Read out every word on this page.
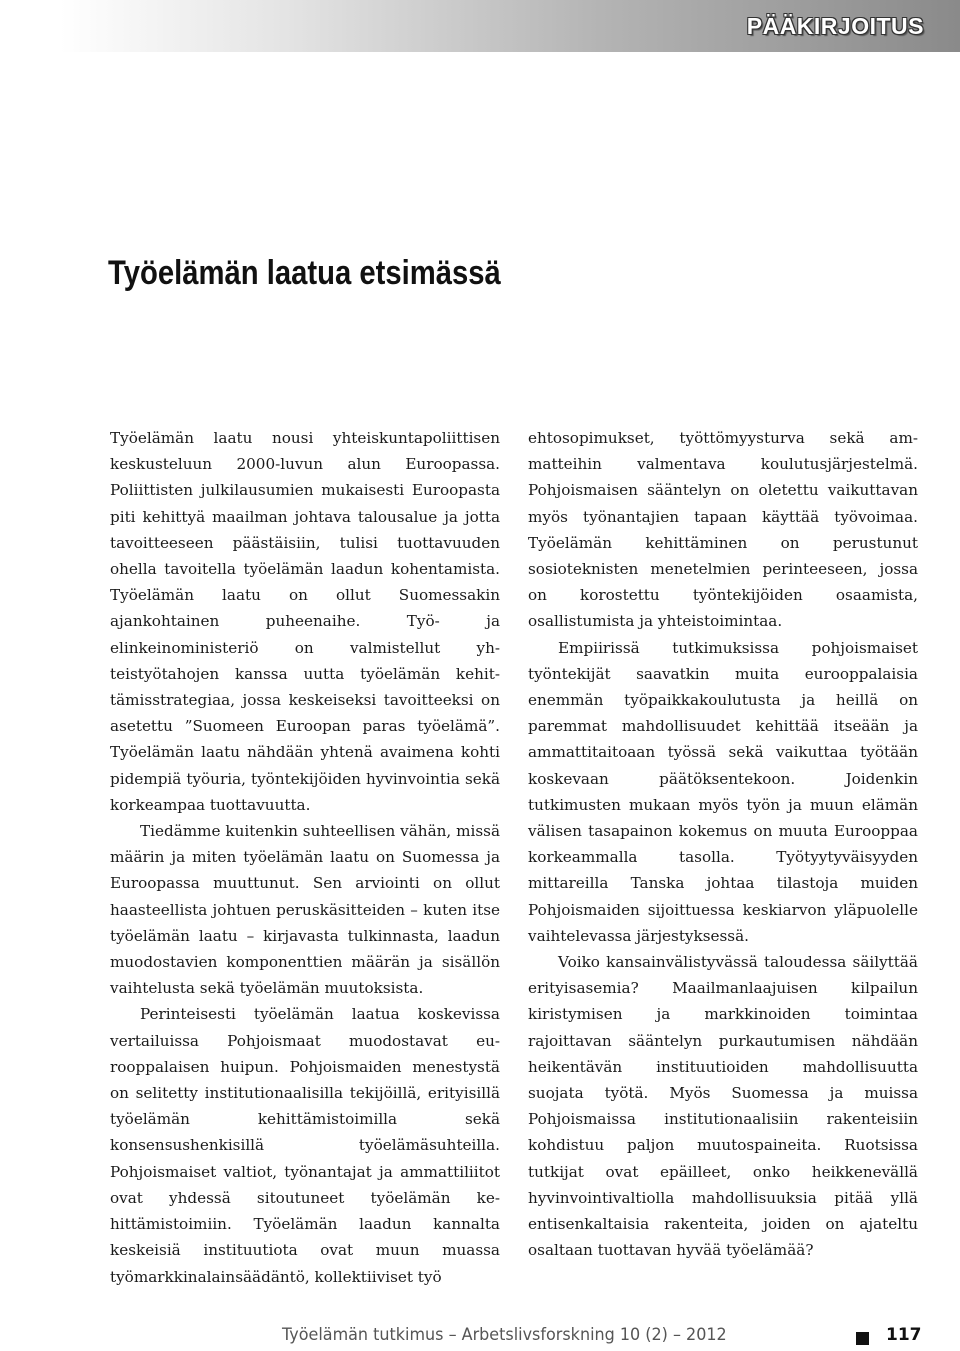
PÄÄKIRJOITUS
Työelämän laatua etsimässä

Työelämän laatu nousi yhteiskuntapoliittisen keskusteluun 2000-luvun alun Euroopassa. Poliittisten julkilausumien mukaisesti Euroopasta piti kehittyä maailman johtava talousalue ja jotta tavoitteeseen päästäisiin, tulisi tuottavuuden ohella tavoitella työelämän laadun kohentamista. Työelämän laatu on ollut Suomessakin ajankohtainen puheenaihe. Työ- ja elinkeinoministeriö on valmistellut yhteistyötahojen kanssa uutta työelämän kehittämisstrategiaa, jossa keskeiseksi tavoitteeksi on asetettu ”Suomeen Euroopan paras työelämä”. Työelämän laatu nähdään yhtenä avaimena kohti pidempiä työuria, työntekijöiden hyvinvointia sekä korkeampaa tuottavuutta.

Tiedämme kuitenkin suhteellisen vähän, missä määrin ja miten työelämän laatu on Suomessa ja Euroopassa muuttunut. Sen arviointi on ollut haasteellista johtuen peruskäsitteiden – kuten itse työelämän laatu – kirjavasta tulkinnasta, laadun muodostavien komponenttien määrän ja sisällön vaihtelusta sekä työelämän muutoksista.

Perinteisesti työelämän laatua koskevissa vertailuissa Pohjoismaat muodostavat eurooppalaisen huipun. Pohjoismaiden menestystä on selitetty institutionaalisilla tekijöillä, erityisillä työelämän kehittämistoimilla sekä konsensushenkisillä työelämäsuhteilla. Pohjoismaiset valtiot, työnantajat ja ammattiliitot ovat yhdessä sitoutuneet työelämän kehittämistoimiin. Työelämän laadun kannalta keskeisiä instituutiota ovat muun muassa työmarkkinalainsäädäntö, kollektiiviset työ

ehtosopimukset, työttömyysturva sekä ammatteihin valmentava koulutusjärjestelmä. Pohjoismaisen sääntelyn on oletettu vaikuttavan myös työnantajien tapaan käyttää työvoimaa. Työelämän kehittäminen on perustunut sosioteknisten menetelmien perinteeseen, jossa on korostettu työntekijöiden osaamista, osallistumista ja yhteistoimintaa.

Empiirissä tutkimuksissa pohjoismaiset työntekijät saavatkin muita eurooppalaisia enemmän työpaikkakoulutusta ja heillä on paremmat mahdollisuudet kehittää itseään ja ammattitaitoaan työssä sekä vaikuttaa työtään koskevaan päätöksentekoon. Joidenkin tutkimusten mukaan myös työn ja muun elämän välisen tasapainon kokemus on muuta Eurooppaa korkeammalla tasolla. Työtyytyväisyyden mittareilla Tanska johtaa tilastoja muiden Pohjoismaiden sijoittuessa keskiarvon yläpuolelle vaihtelevassa järjestyksessä.

Voiko kansainvälistyvässä taloudessa säilyttää erityisasemia? Maailmanlaajuisen kilpailun kiristymisen ja markkinoiden toimintaa rajoittavan sääntelyn purkautumisen nähdään heikentävän instituutioiden mahdollisuutta suojata työtä. Myös Suomessa ja muissa Pohjoismaissa institutionaalisiin rakenteisiin kohdistuu paljon muutospaineita. Ruotsissa tutkijat ovat epäilleet, onko heikkenevällä hyvinvointivaltiolla mahdollisuuksia pitää yllä entisenkaltaisia rakenteita, joiden on ajateltu osaltaan tuottavan hyvää työelämää?

Työelämän tutkimus – Arbetslivsforskning 10 (2) – 2012	117
